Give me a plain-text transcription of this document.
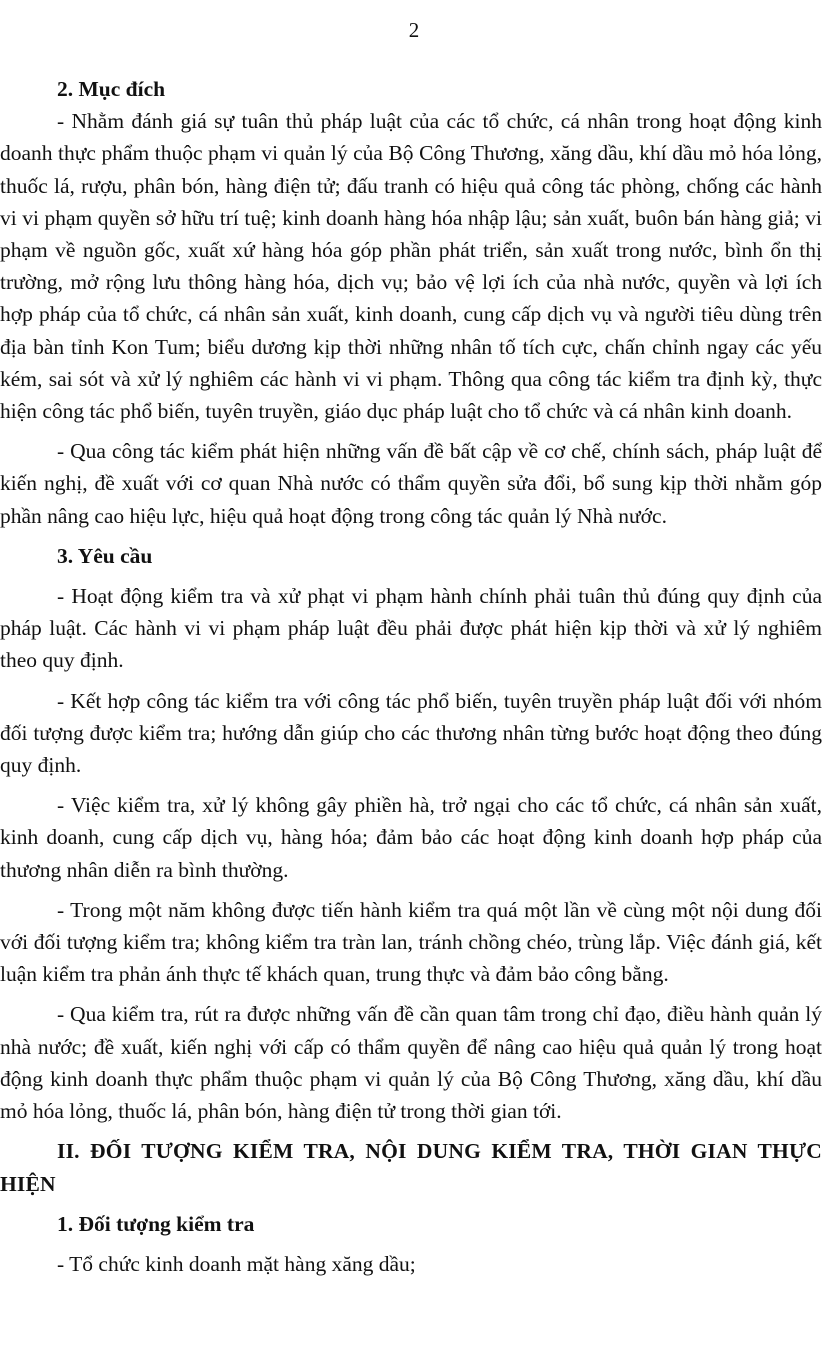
2

2. Mục đích

- Nhằm đánh giá sự tuân thủ pháp luật của các tổ chức, cá nhân trong hoạt động kinh doanh thực phẩm thuộc phạm vi quản lý của Bộ Công Thương, xăng dầu, khí dầu mỏ hóa lỏng, thuốc lá, rượu, phân bón, hàng điện tử; đấu tranh có hiệu quả công tác phòng, chống các hành vi vi phạm quyền sở hữu trí tuệ; kinh doanh hàng hóa nhập lậu; sản xuất, buôn bán hàng giả; vi phạm về nguồn gốc, xuất xứ hàng hóa góp phần phát triển, sản xuất trong nước, bình ổn thị trường, mở rộng lưu thông hàng hóa, dịch vụ; bảo vệ lợi ích của nhà nước, quyền và lợi ích hợp pháp của tổ chức, cá nhân sản xuất, kinh doanh, cung cấp dịch vụ và người tiêu dùng trên địa bàn tỉnh Kon Tum; biểu dương kịp thời những nhân tố tích cực, chấn chỉnh ngay các yếu kém, sai sót và xử lý nghiêm các hành vi vi phạm. Thông qua công tác kiểm tra định kỳ, thực hiện công tác phổ biến, tuyên truyền, giáo dục pháp luật cho tổ chức và cá nhân kinh doanh.

- Qua công tác kiểm phát hiện những vấn đề bất cập về cơ chế, chính sách, pháp luật để kiến nghị, đề xuất với cơ quan Nhà nước có thẩm quyền sửa đổi, bổ sung kịp thời nhằm góp phần nâng cao hiệu lực, hiệu quả hoạt động trong công tác quản lý Nhà nước.

3. Yêu cầu

- Hoạt động kiểm tra và xử phạt vi phạm hành chính phải tuân thủ đúng quy định của pháp luật. Các hành vi vi phạm pháp luật đều phải được phát hiện kịp thời và xử lý nghiêm theo quy định.

- Kết hợp công tác kiểm tra với công tác phổ biến, tuyên truyền pháp luật đối với nhóm đối tượng được kiểm tra; hướng dẫn giúp cho các thương nhân từng bước hoạt động theo đúng quy định.

- Việc kiểm tra, xử lý không gây phiền hà, trở ngại cho các tổ chức, cá nhân sản xuất, kinh doanh, cung cấp dịch vụ, hàng hóa; đảm bảo các hoạt động kinh doanh hợp pháp của thương nhân diễn ra bình thường.

- Trong một năm không được tiến hành kiểm tra quá một lần về cùng một nội dung đối với đối tượng kiểm tra; không kiểm tra tràn lan, tránh chồng chéo, trùng lắp. Việc đánh giá, kết luận kiểm tra phản ánh thực tế khách quan, trung thực và đảm bảo công bằng.

- Qua kiểm tra, rút ra được những vấn đề cần quan tâm trong chỉ đạo, điều hành quản lý nhà nước; đề xuất, kiến nghị với cấp có thẩm quyền để nâng cao hiệu quả quản lý trong hoạt động kinh doanh thực phẩm thuộc phạm vi quản lý của Bộ Công Thương, xăng dầu, khí dầu mỏ hóa lỏng, thuốc lá, phân bón, hàng điện tử trong thời gian tới.

II. ĐỐI TƯỢNG KIỂM TRA, NỘI DUNG KIỂM TRA, THỜI GIAN THỰC HIỆN

1. Đối tượng kiểm tra

- Tổ chức kinh doanh mặt hàng xăng dầu;
